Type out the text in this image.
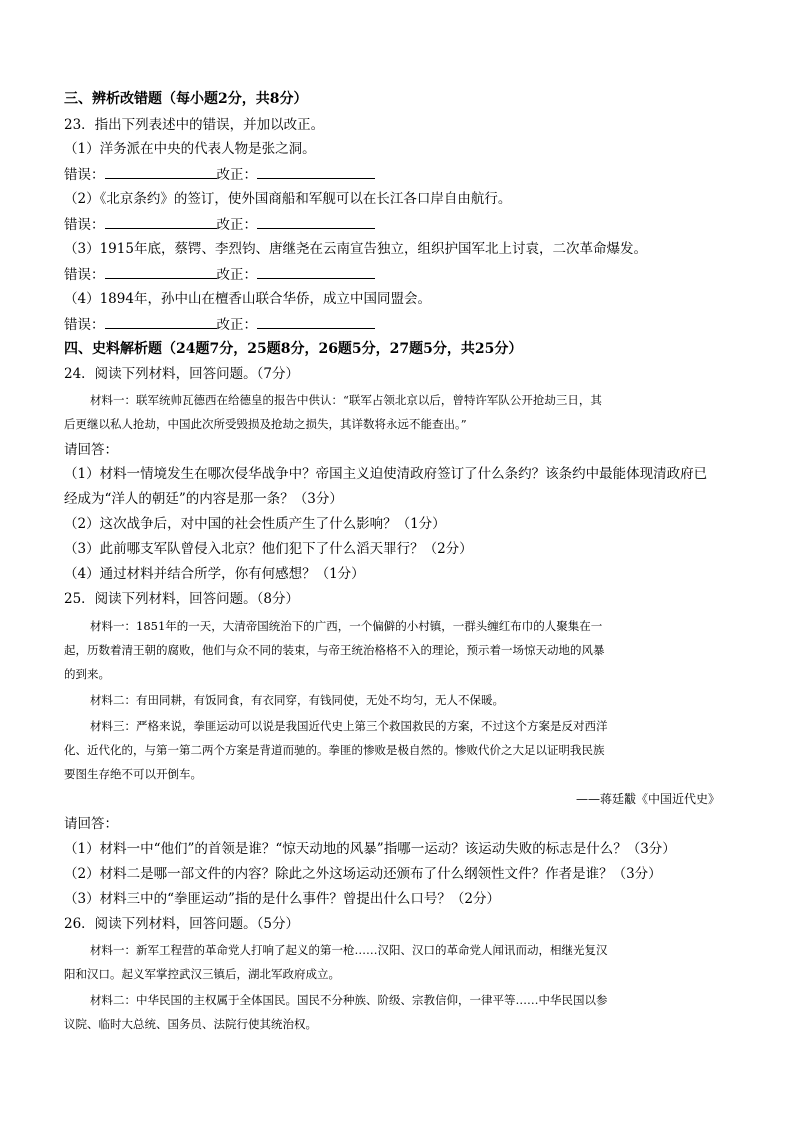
三、辨析改错题（每小题2分，共8分）
23．指出下列表述中的错误，并加以改正。
（1）洋务派在中央的代表人物是张之洞。
错误：	改正：
（2）《北京条约》的签订，使外国商船和军舰可以在长江各口岸自由航行。
错误：	改正：
（3）1915年底，蔡锷、李烈钧、唐继尧在云南宣告独立，组织护国军北上讨袁，二次革命爆发。
错误：	改正：
（4）1894年，孙中山在檀香山联合华侨，成立中国同盟会。
错误：	改正：
四、史料解析题（24题7分，25题8分，26题5分，27题5分，共25分）
24．阅读下列材料，回答问题。（7分）
材料一：联军统帅瓦德西在给德皇的报告中供认：“联军占领北京以后，曾特许军队公开抢劫三日，其
后更继以私人抢劫，中国此次所受毁损及抢劫之损失，其详数将永远不能查出。”
请回答：
（1）材料一情境发生在哪次侵华战争中？帝国主义迫使清政府签订了什么条约？该条约中最能体现清政府已
经成为“洋人的朝廷”的内容是那一条？（3分）
（2）这次战争后，对中国的社会性质产生了什么影响？（1分）
（3）此前哪支军队曾侵入北京？他们犯下了什么滔天罪行？（2分）
（4）通过材料并结合所学，你有何感想？（1分）
25．阅读下列材料，回答问题。（8分）
材料一：1851年的一天，大清帝国统治下的广西，一个偏僻的小村镇，一群头缠红布巾的人聚集在一
起，历数着清王朝的腐败，他们与众不同的装束，与帝王统治格格不入的理论，预示着一场惊天动地的风暴
的到来。
材料二：有田同耕，有饭同食，有衣同穿，有钱同使，无处不均匀，无人不保暖。
材料三：严格来说，拳匪运动可以说是我国近代史上第三个救国救民的方案，不过这个方案是反对西洋
化、近代化的，与第一第二两个方案是背道而驰的。拳匪的惨败是极自然的。惨败代价之大足以证明我民族
要图生存绝不可以开倒车。
——蒋廷黻《中国近代史》
请回答：
（1）材料一中“他们”的首领是谁？“惊天动地的风暴”指哪一运动？该运动失败的标志是什么？（3分）
（2）材料二是哪一部文件的内容？除此之外这场运动还颁布了什么纲领性文件？作者是谁？（3分）
（3）材料三中的“拳匪运动”指的是什么事件？曾提出什么口号？（2分）
26．阅读下列材料，回答问题。（5分）
材料一：新军工程营的革命党人打响了起义的第一枪……汉阳、汉口的革命党人闻讯而动，相继光复汉
阳和汉口。起义军掌控武汉三镇后，湖北军政府成立。
材料二：中华民国的主权属于全体国民。国民不分种族、阶级、宗教信仰，一律平等……中华民国以参
议院、临时大总统、国务员、法院行使其统治权。
